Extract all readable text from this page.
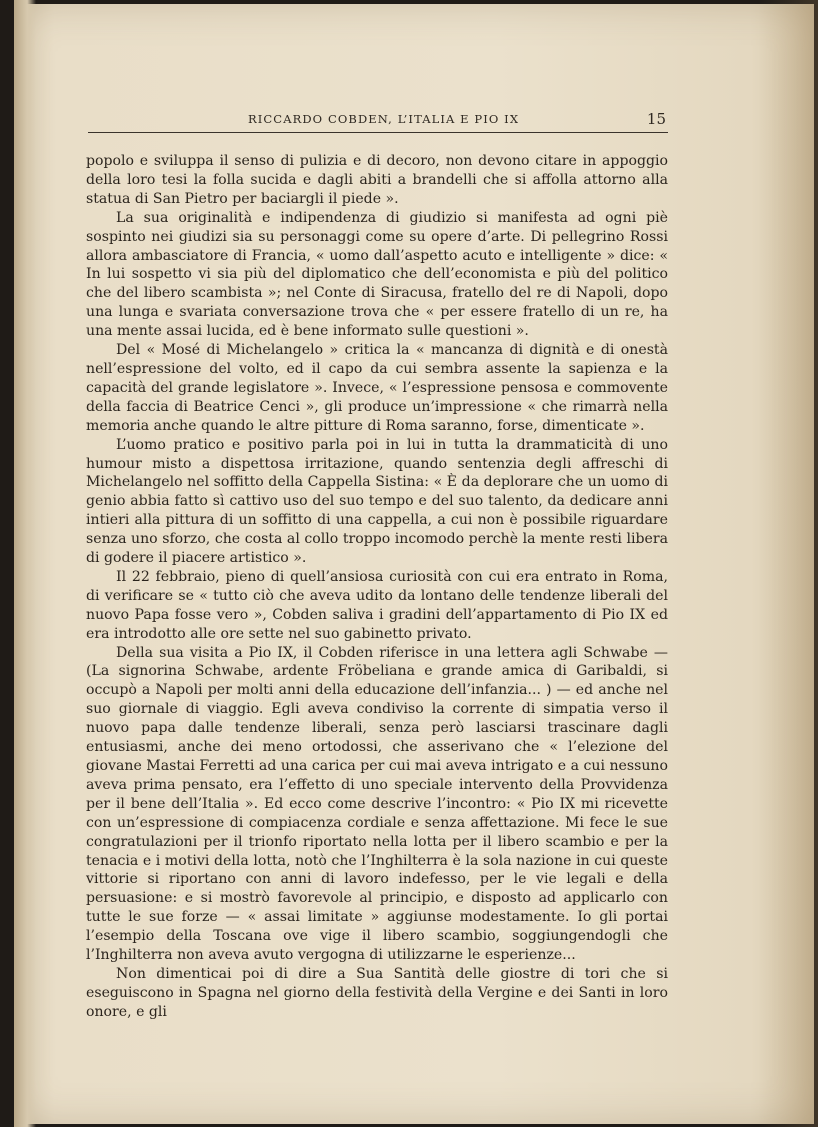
RICCARDO COBDEN, L’ITALIA E PIO IX	15

popolo e sviluppa il senso di pulizia e di decoro, non devono citare in appoggio della loro tesi la folla sucida e dagli abiti a brandelli che si affolla attorno alla statua di San Pietro per baciargli il piede ».

La sua originalità e indipendenza di giudizio si manifesta ad ogni piè sospinto nei giudizi sia su personaggi come su opere d’arte. Di pellegrino Rossi allora ambasciatore di Francia, « uomo dall’aspetto acuto e intelligente » dice: « In lui sospetto vi sia più del diplomatico che dell’economista e più del politico che del libero scambista »; nel Conte di Siracusa, fratello del re di Napoli, dopo una lunga e svariata conversazione trova che « per essere fratello di un re, ha una mente assai lucida, ed è bene informato sulle questioni ».

Del « Mosé di Michelangelo » critica la « mancanza di dignità e di onestà nell’espressione del volto, ed il capo da cui sembra assente la sapienza e la capacità del grande legislatore ». Invece, « l’espressione pensosa e commovente della faccia di Beatrice Cenci », gli produce un’impressione « che rimarrà nella memoria anche quando le altre pitture di Roma saranno, forse, dimenticate ».

L’uomo pratico e positivo parla poi in lui in tutta la drammaticità di uno humour misto a dispettosa irritazione, quando sentenzia degli affreschi di Michelangelo nel soffitto della Cappella Sistina: « È da deplorare che un uomo di genio abbia fatto sì cattivo uso del suo tempo e del suo talento, da dedicare anni intieri alla pittura di un soffitto di una cappella, a cui non è possibile riguardare senza uno sforzo, che costa al collo troppo incomodo perchè la mente resti libera di godere il piacere artistico ».

Il 22 febbraio, pieno di quell’ansiosa curiosità con cui era entrato in Roma, di verificare se « tutto ciò che aveva udito da lontano delle tendenze liberali del nuovo Papa fosse vero », Cobden saliva i gradini dell’appartamento di Pio IX ed era introdotto alle ore sette nel suo gabinetto privato.

Della sua visita a Pio IX, il Cobden riferisce in una lettera agli Schwabe — (La signorina Schwabe, ardente Fröbeliana e grande amica di Garibaldi, si occupò a Napoli per molti anni della educazione dell’infanzia... ) — ed anche nel suo giornale di viaggio. Egli aveva condiviso la corrente di simpatia verso il nuovo papa dalle tendenze liberali, senza però lasciarsi trascinare dagli entusiasmi, anche dei meno ortodossi, che asserivano che « l’elezione del giovane Mastai Ferretti ad una carica per cui mai aveva intrigato e a cui nessuno aveva prima pensato, era l’effetto di uno speciale intervento della Provvidenza per il bene dell’Italia ». Ed ecco come descrive l’incontro: « Pio IX mi ricevette con un’espressione di compiacenza cordiale e senza affettazione. Mi fece le sue congratulazioni per il trionfo riportato nella lotta per il libero scambio e per la tenacia e i motivi della lotta, notò che l’Inghilterra è la sola nazione in cui queste vittorie si riportano con anni di lavoro indefesso, per le vie legali e della persuasione: e si mostrò favorevole al principio, e disposto ad applicarlo con tutte le sue forze — « assai limitate » aggiunse modestamente. Io gli portai l’esempio della Toscana ove vige il libero scambio, soggiungendogli che l’Inghilterra non aveva avuto vergogna di utilizzarne le esperienze...

Non dimenticai poi di dire a Sua Santità delle giostre di tori che si eseguiscono in Spagna nel giorno della festività della Vergine e dei Santi in loro onore, e gli
